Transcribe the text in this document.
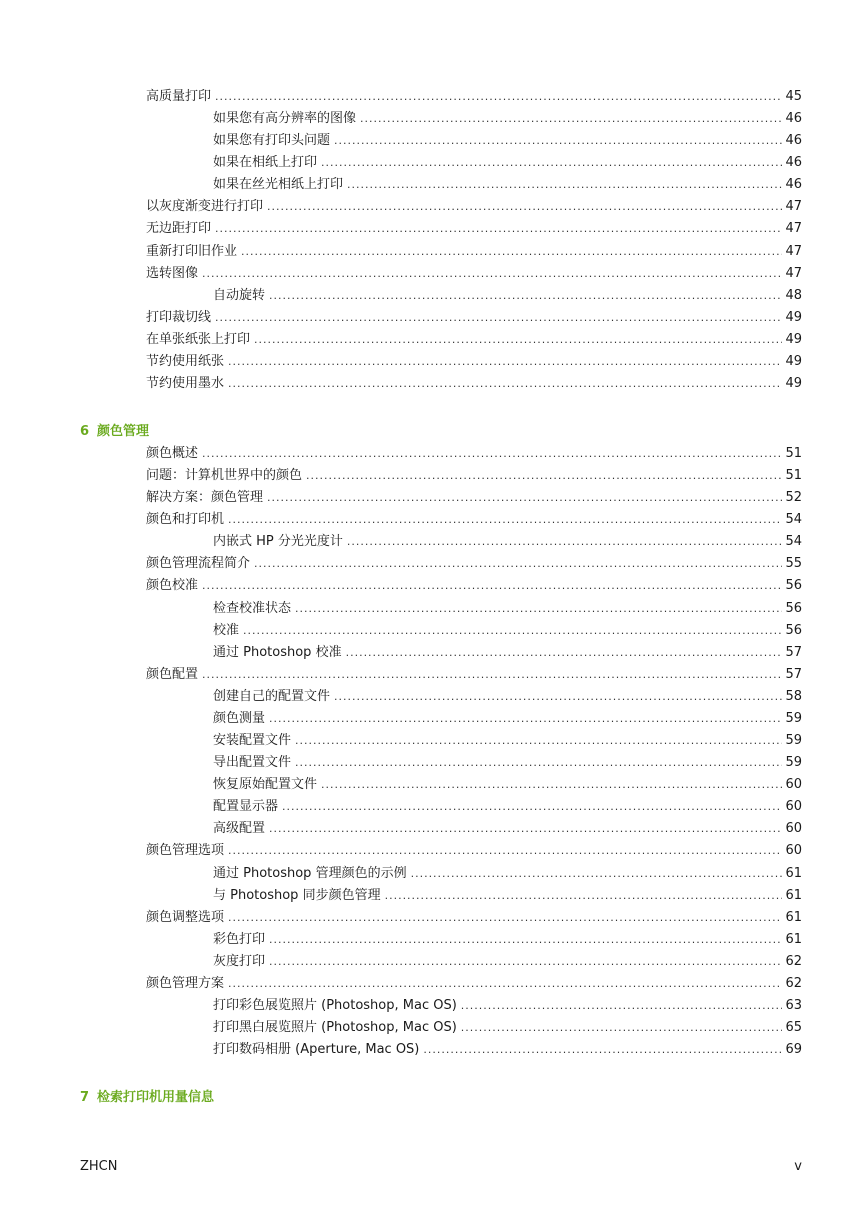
高质量打印 .....	45
如果您有高分辨率的图像 .....	46
如果您有打印头问题 .....	46
如果在相纸上打印 .....	46
如果在丝光相纸上打印 .....	46
以灰度渐变进行打印 .....	47
无边距打印 .....	47
重新打印旧作业 .....	47
选转图像 .....	47
自动旋转 .....	48
打印裁切线 .....	49
在单张纸张上打印 .....	49
节约使用纸张 .....	49
节约使用墨水 .....	49
6 颜色管理
颜色概述 .....	51
问题：计算机世界中的颜色 .....	51
解决方案：颜色管理 .....	52
颜色和打印机 .....	54
内嵌式 HP 分光光度计 .....	54
颜色管理流程简介 .....	55
颜色校准 .....	56
检查校准状态 .....	56
校准 .....	56
通过 Photoshop 校准 .....	57
颜色配置 .....	57
创建自己的配置文件 .....	58
颜色测量 .....	59
安装配置文件 .....	59
导出配置文件 .....	59
恢复原始配置文件 .....	60
配置显示器 .....	60
高级配置 .....	60
颜色管理选项 .....	60
通过 Photoshop 管理颜色的示例 .....	61
与 Photoshop 同步颜色管理 .....	61
颜色调整选项 .....	61
彩色打印 .....	61
灰度打印 .....	62
颜色管理方案 .....	62
打印彩色展览照片 (Photoshop, Mac OS) .....	63
打印黑白展览照片 (Photoshop, Mac OS) .....	65
打印数码相册 (Aperture, Mac OS) .....	69
7 检索打印机用量信息
ZHCN	v
